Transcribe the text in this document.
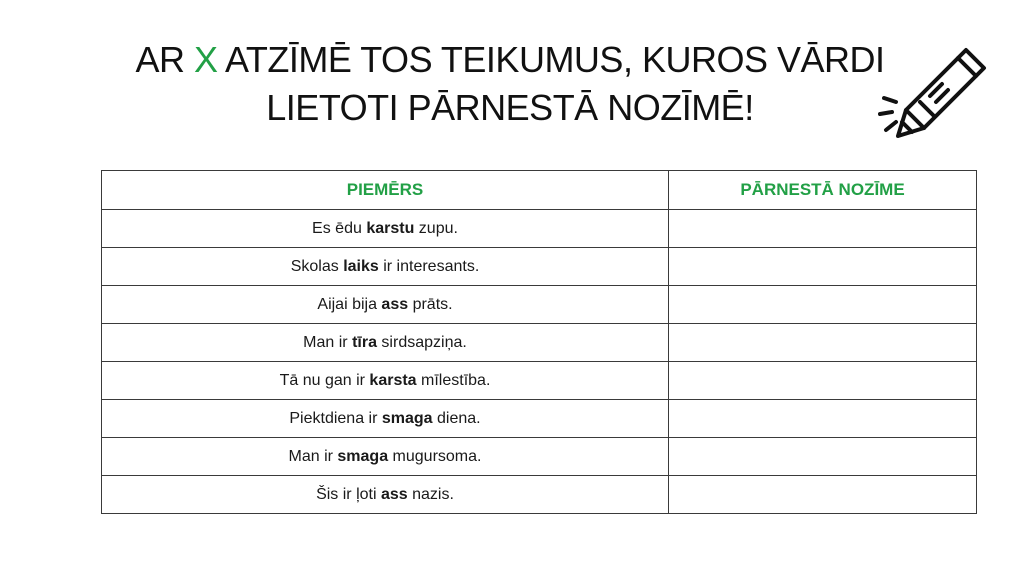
AR X ATZĪMĒ TOS TEIKUMUS, KUROS VĀRDI
LIETOTI PĀRNESTĀ NOZĪMĒ!
PIEMĒRS	PĀRNESTĀ NOZĪME
Es ēdu karstu zupu.	
Skolas laiks ir interesants.	
Aijai bija ass prāts.	
Man ir tīra sirdsapziņa.	
Tā nu gan ir karsta mīlestība.	
Piektdiena ir smaga diena.	
Man ir smaga mugursoma.	
Šis ir ļoti ass nazis.	
